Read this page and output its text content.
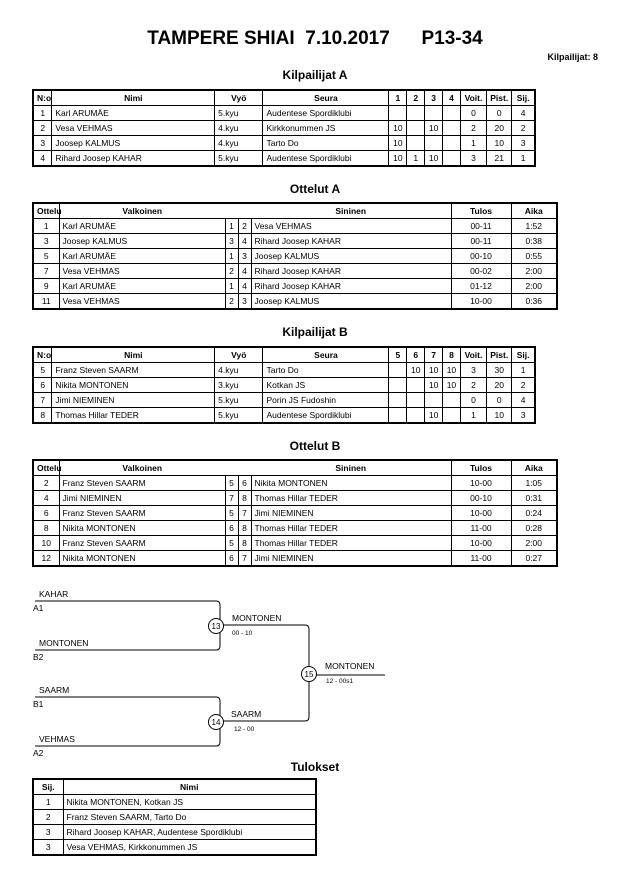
TAMPERE SHIAI 7.10.2017 P13-34
Kilpailijat: 8
Kilpailijat A
N:o	Nimi	Vyö	Seura	1	2	3	4	Voit.	Pist.	Sij.
1	Karl ARUMÄE	5.kyu	Audentese Spordiklubi					0	0	4
2	Vesa VEHMAS	4.kyu	Kirkkonummen JS	10		10		2	20	2
3	Joosep KALMUS	4.kyu	Tarto Do	10				1	10	3
4	Rihard Joosep KAHAR	5.kyu	Audentese Spordiklubi	10	1	10		3	21	1
Ottelut A
Ottelu	Valkoinen			Sininen	Tulos	Aika
1	Karl ARUMÄE	1	2	Vesa VEHMAS	00-11	1:52
3	Joosep KALMUS	3	4	Rihard Joosep KAHAR	00-11	0:38
5	Karl ARUMÄE	1	3	Joosep KALMUS	00-10	0:55
7	Vesa VEHMAS	2	4	Rihard Joosep KAHAR	00-02	2:00
9	Karl ARUMÄE	1	4	Rihard Joosep KAHAR	01-12	2:00
11	Vesa VEHMAS	2	3	Joosep KALMUS	10-00	0:36
Kilpailijat B
N:o	Nimi	Vyö	Seura	5	6	7	8	Voit.	Pist.	Sij.
5	Franz Steven SAARM	4.kyu	Tarto Do		10	10	10	3	30	1
6	Nikita MONTONEN	3.kyu	Kotkan JS			10	10	2	20	2
7	Jimi NIEMINEN	5.kyu	Porin JS Fudoshin					0	0	4
8	Thomas Hillar TEDER	5.kyu	Audentese Spordiklubi			10		1	10	3
Ottelut B
Ottelu	Valkoinen			Sininen	Tulos	Aika
2	Franz Steven SAARM	5	6	Nikita MONTONEN	10-00	1:05
4	Jimi NIEMINEN	7	8	Thomas Hillar TEDER	00-10	0:31
6	Franz Steven SAARM	5	7	Jimi NIEMINEN	10-00	0:24
8	Nikita MONTONEN	6	8	Thomas Hillar TEDER	11-00	0:28
10	Franz Steven SAARM	5	8	Thomas Hillar TEDER	10-00	2:00
12	Nikita MONTONEN	6	7	Jimi NIEMINEN	11-00	0:27
KAHAR
A1
MONTONEN
B2
13
MONTONEN
00 - 10
SAARM
B1
VEHMAS
A2
14
SAARM
12 - 00
15
MONTONEN
12 - 00s1
Tulokset
Sij.	Nimi
1	Nikita MONTONEN, Kotkan JS
2	Franz Steven SAARM, Tarto Do
3	Rihard Joosep KAHAR, Audentese Spordiklubi
3	Vesa VEHMAS, Kirkkonummen JS
